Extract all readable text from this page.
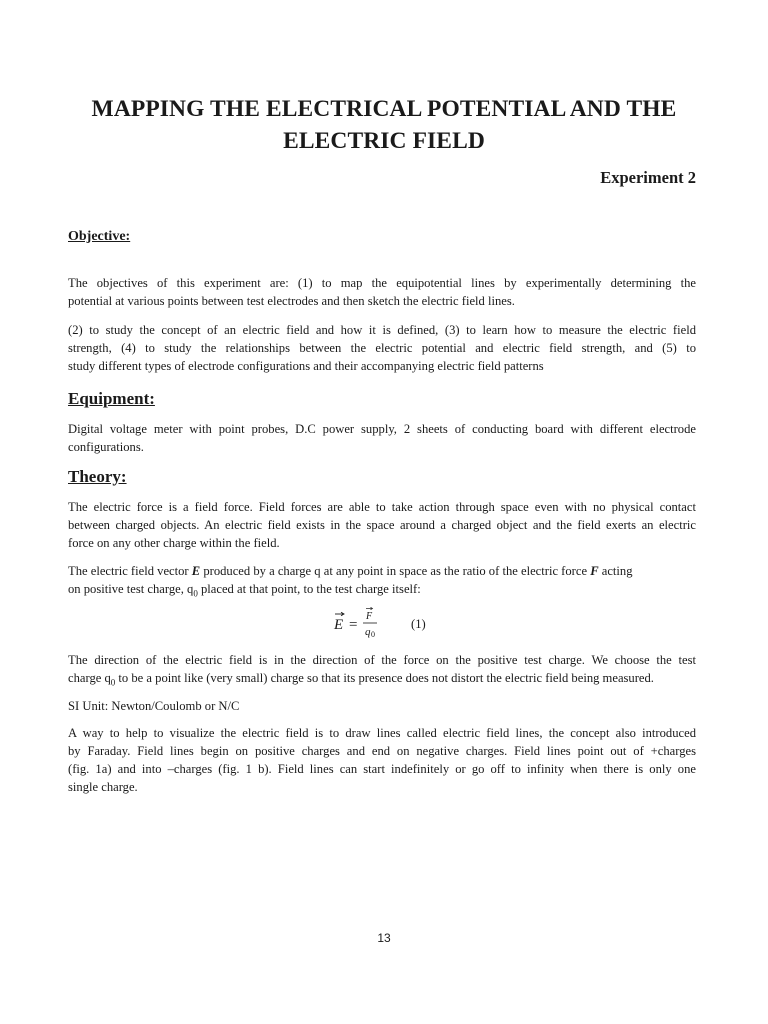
MAPPING THE ELECTRICAL POTENTIAL AND THE
ELECTRIC FIELD

Experiment 2

Objective:

The objectives of this experiment are: (1) to map the equipotential lines by experimentally determining the
potential at various points between test electrodes and then sketch the electric field lines.

(2) to study the concept of an electric field and how it is defined, (3) to learn how to measure the electric field
strength, (4) to study the relationships between the electric potential and electric field strength, and (5) to
study different types of electrode configurations and their accompanying electric field patterns

Equipment:

Digital voltage meter with point probes, D.C power supply, 2 sheets of conducting board with different electrode
configurations.

Theory:

The electric force is a field force. Field forces are able to take action through space even with no physical contact
between charged objects. An electric field exists in the space around a charged object and the field exerts an electric
force on any other charge within the field.

The electric field vector E produced by a charge q at any point in space as the ratio of the electric force F acting
on positive test charge, $q_0$ placed at that point, to the test charge itself:

E =
F
q 0
(1)

The direction of the electric field is in the direction of the force on the positive test charge. We choose the test
charge $q_0$ to be a point like (very small) charge so that its presence does not distort the electric field being measured.

SI Unit: Newton/Coulomb or N/C

A way to help to visualize the electric field is to draw lines called electric field lines, the concept also introduced
by Faraday. Field lines begin on positive charges and end on negative charges. Field lines point out of +charges
(fig. 1a) and into –charges (fig. 1 b). Field lines can start indefinitely or go off to infinity when there is only one
single charge.

13
